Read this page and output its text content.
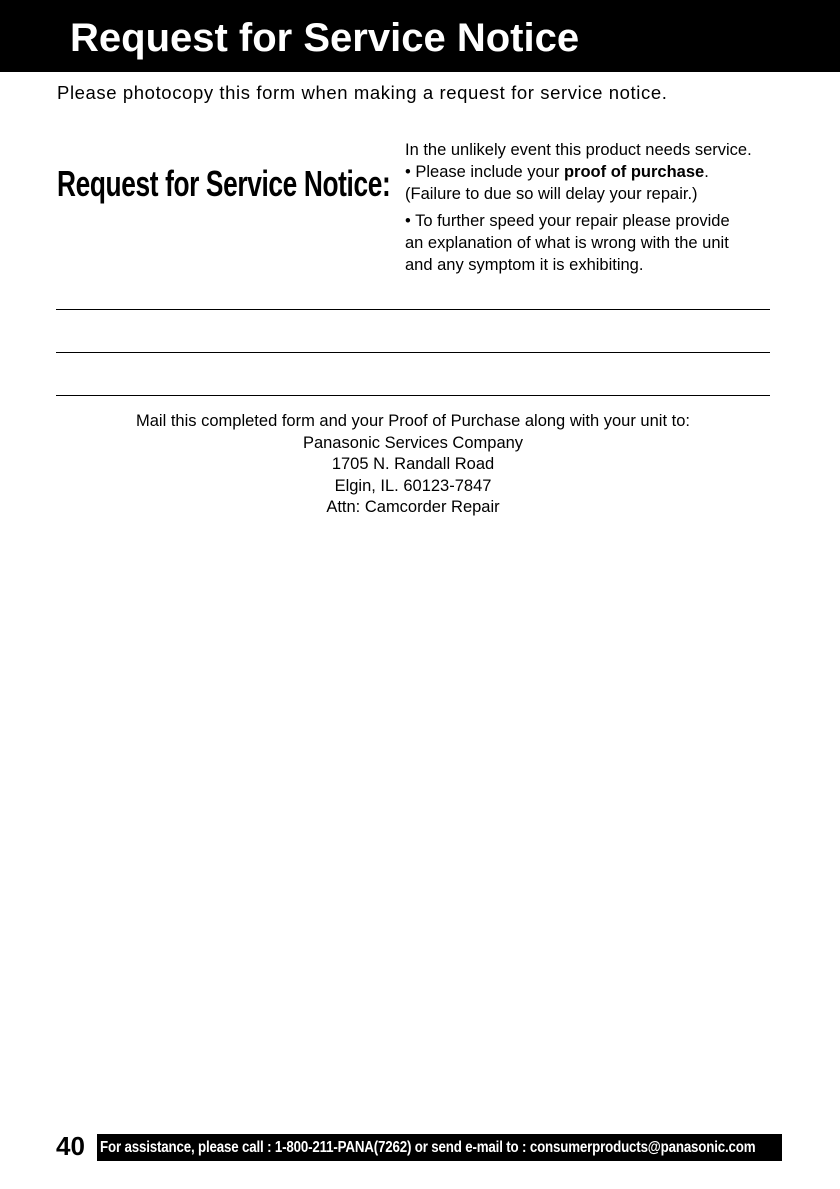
Request for Service Notice
Please photocopy this form when making a request for service notice.
Request for Service Notice:

In the unlikely event this product needs service.

• Please include your proof of purchase.
(Failure to due so will delay your repair.)

• To further speed your repair please provide
an explanation of what is wrong with the unit
and any symptom it is exhibiting.

Mail this completed form and your Proof of Purchase along with your unit to:
Panasonic Services Company
1705 N. Randall Road
Elgin, IL. 60123-7847
Attn: Camcorder Repair
40 For assistance, please call : 1-800-211-PANA(7262) or send e-mail to : consumerproducts@panasonic.com
